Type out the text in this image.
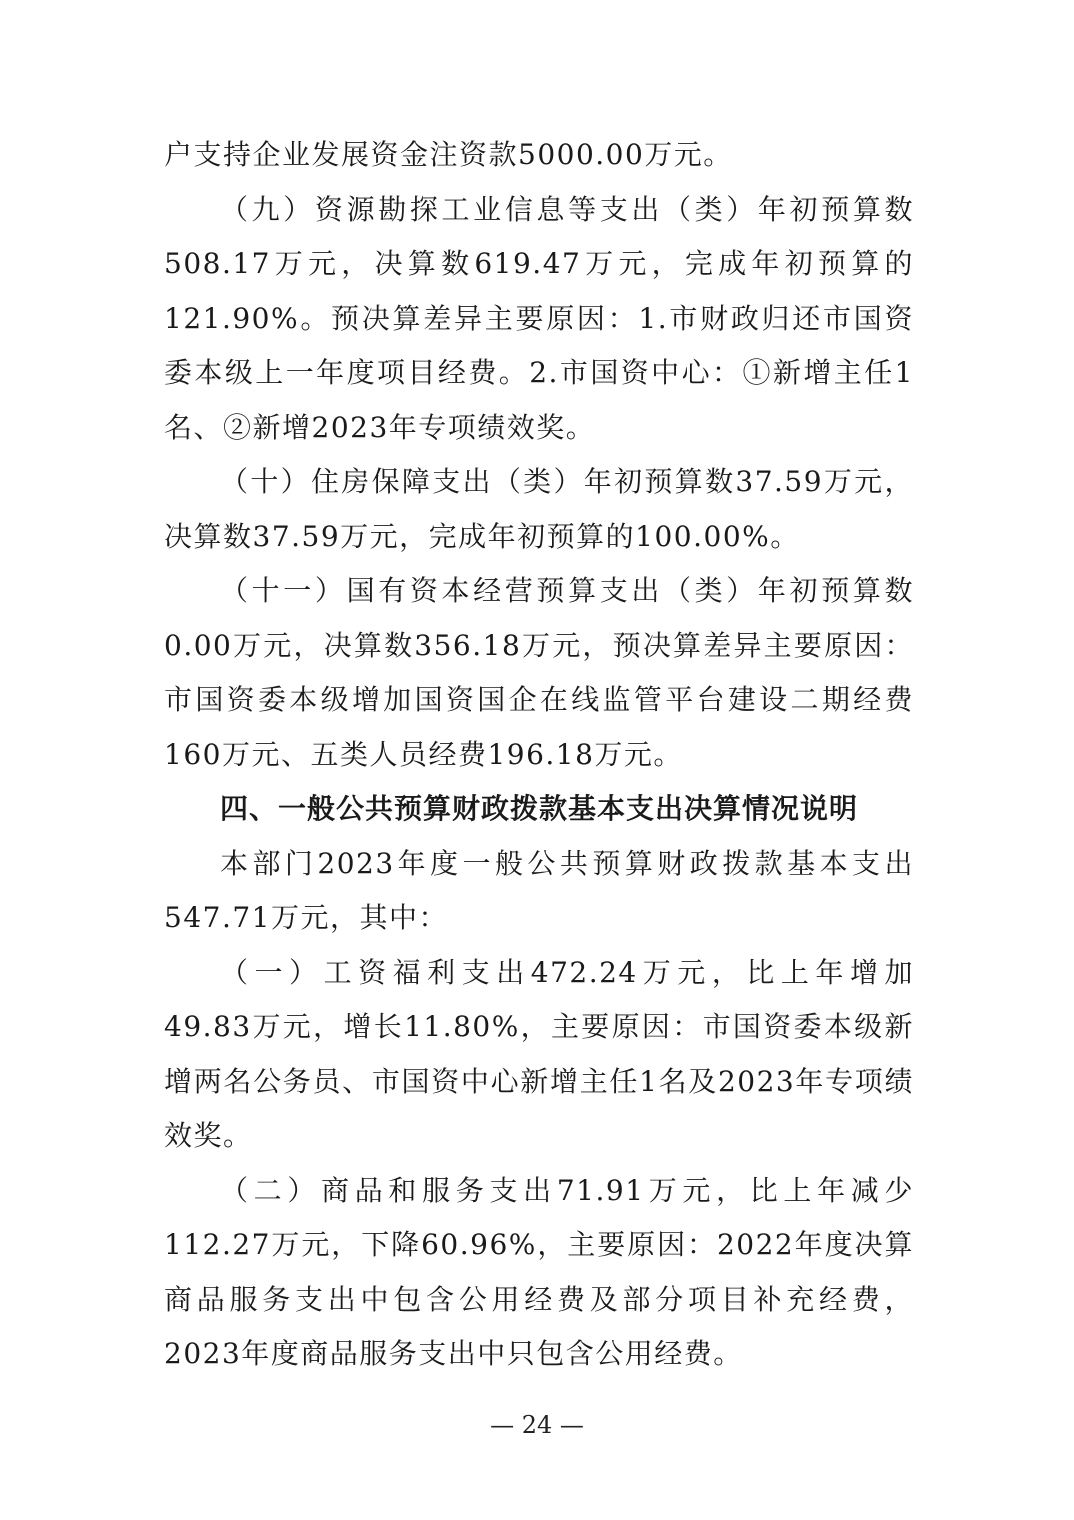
户支持企业发展资金注资款5000.00万元。

（九）资源勘探工业信息等支出（类）年初预算数508.17万元，决算数619.47万元，完成年初预算的121.90%。预决算差异主要原因：1.市财政归还市国资委本级上一年度项目经费。2.市国资中心：①新增主任1名、②新增2023年专项绩效奖。

（十）住房保障支出（类）年初预算数37.59万元，决算数37.59万元，完成年初预算的100.00%。

（十一）国有资本经营预算支出（类）年初预算数0.00万元，决算数356.18万元，预决算差异主要原因：市国资委本级增加国资国企在线监管平台建设二期经费160万元、五类人员经费196.18万元。

四、一般公共预算财政拨款基本支出决算情况说明

本部门2023年度一般公共预算财政拨款基本支出547.71万元，其中：

（一）工资福利支出472.24万元，比上年增加49.83万元，增长11.80%，主要原因：市国资委本级新增两名公务员、市国资中心新增主任1名及2023年专项绩效奖。

（二）商品和服务支出71.91万元，比上年减少112.27万元，下降60.96%，主要原因：2022年度决算商品服务支出中包含公用经费及部分项目补充经费，2023年度商品服务支出中只包含公用经费。

— 24 —
